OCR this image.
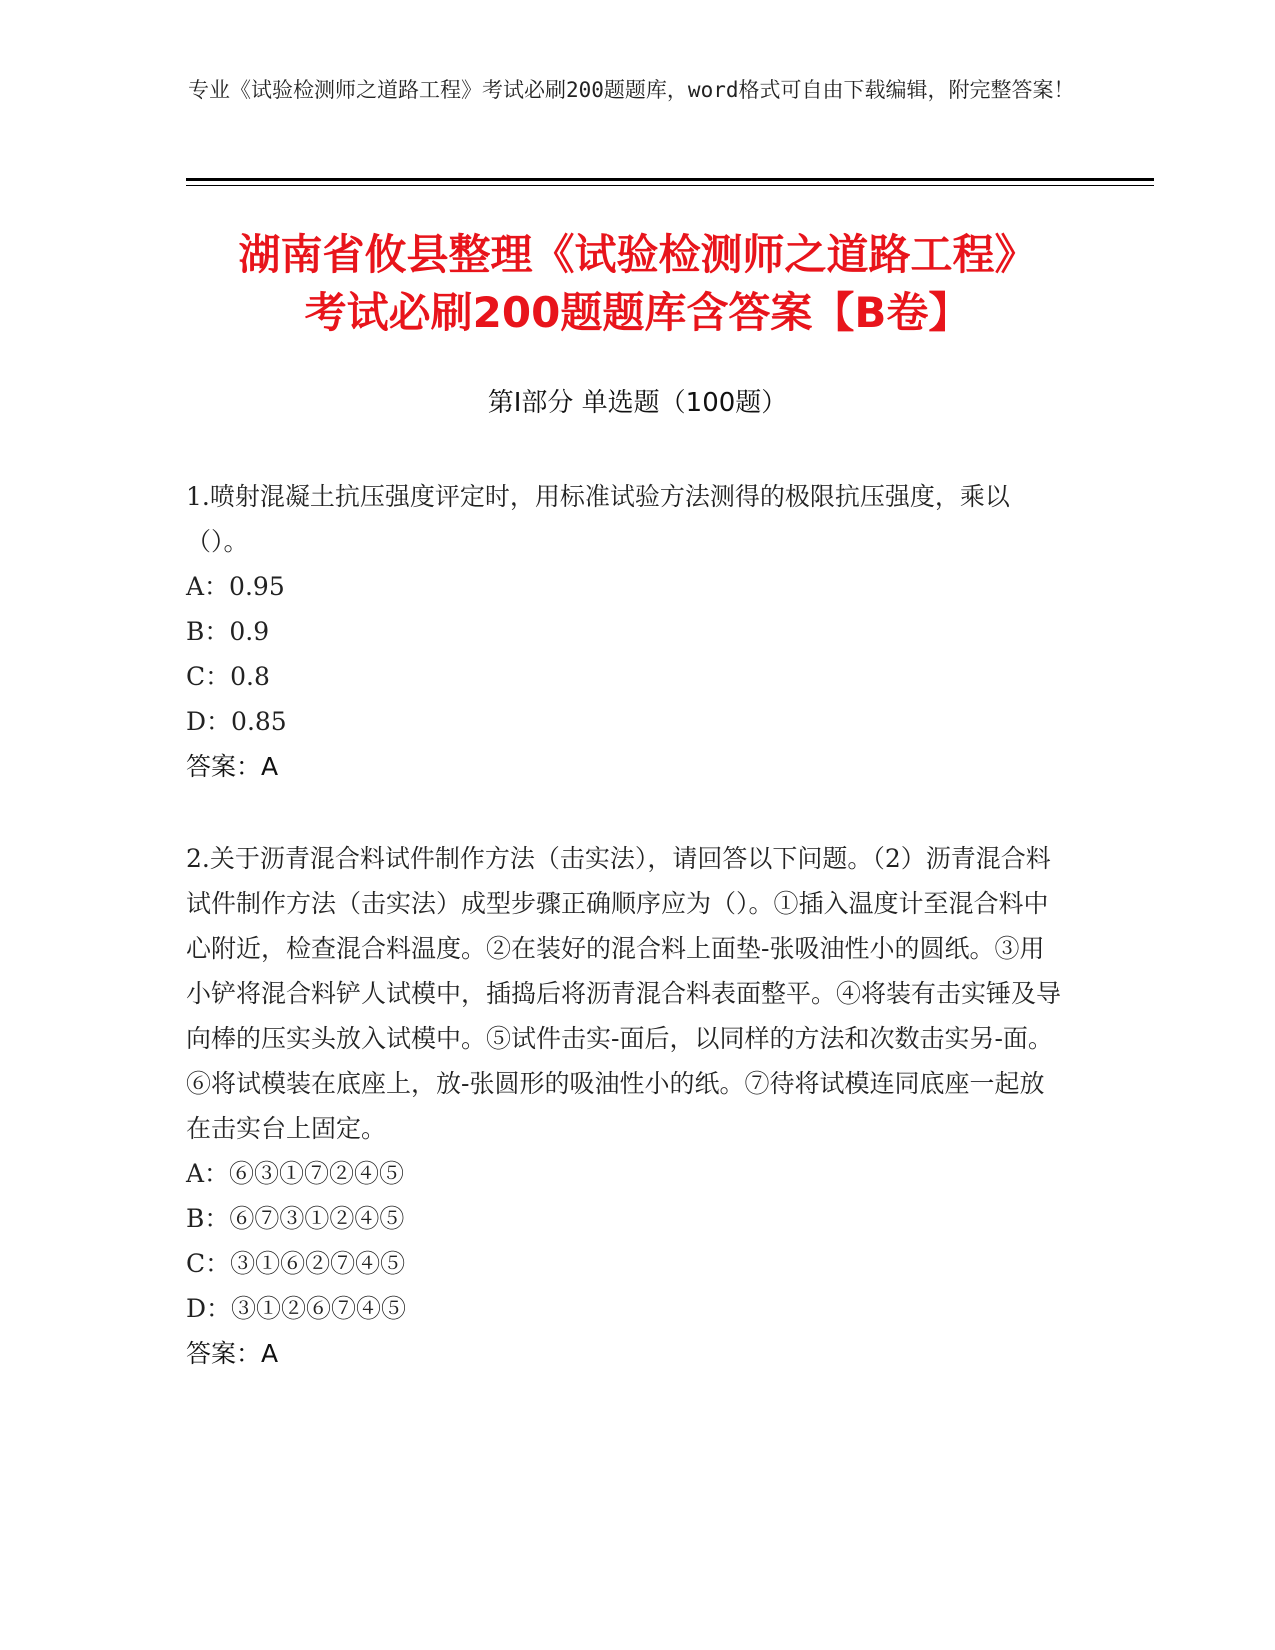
专业《试验检测师之道路工程》考试必刷200题题库，word格式可自由下载编辑，附完整答案！
湖南省攸县整理《试验检测师之道路工程》
考试必刷200题题库含答案【B卷】
第Ⅰ部分 单选题（100题）

1.喷射混凝土抗压强度评定时，用标准试验方法测得的极限抗压强度，乘以（）。

A：0.95

B：0.9

C：0.8

D：0.85

答案：A

2.关于沥青混合料试件制作方法（击实法），请回答以下问题。（2）沥青混合料试件制作方法（击实法）成型步骤正确顺序应为（）。①插入温度计至混合料中心附近，检查混合料温度。②在装好的混合料上面垫-张吸油性小的圆纸。③用小铲将混合料铲人试模中，插捣后将沥青混合料表面整平。④将装有击实锤及导向棒的压实头放入试模中。⑤试件击实-面后，以同样的方法和次数击实另-面。⑥将试模装在底座上，放-张圆形的吸油性小的纸。⑦待将试模连同底座一起放在击实台上固定。

A：⑥③①⑦②④⑤

B：⑥⑦③①②④⑤

C：③①⑥②⑦④⑤

D：③①②⑥⑦④⑤

答案：A
